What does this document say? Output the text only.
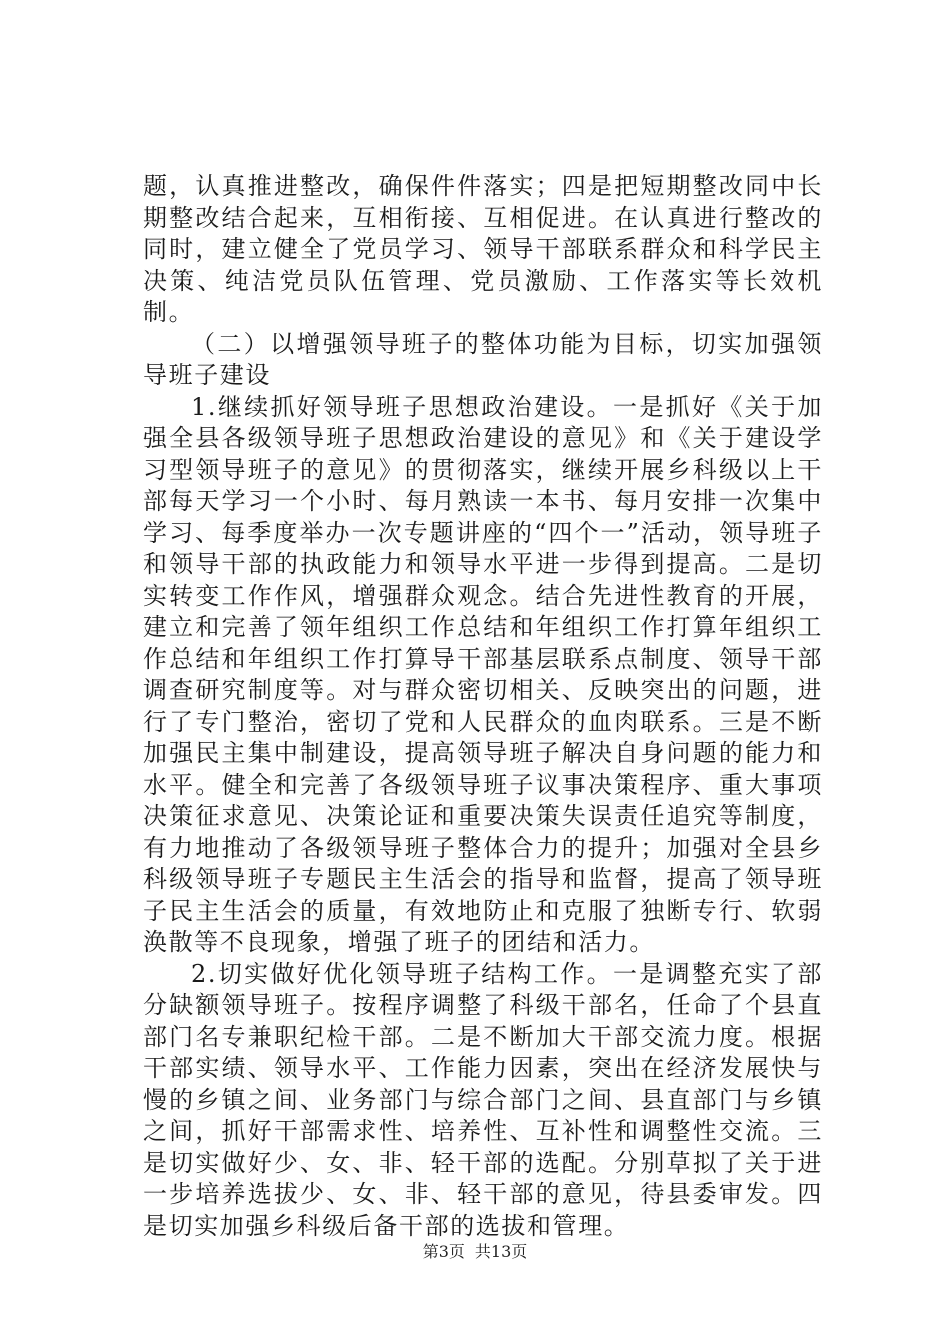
题，认真推进整改，确保件件落实；四是把短期整改同中长期整改结合起来，互相衔接、互相促进。在认真进行整改的同时，建立健全了党员学习、领导干部联系群众和科学民主决策、纯洁党员队伍管理、党员激励、工作落实等长效机制。

（二）以增强领导班子的整体功能为目标，切实加强领导班子建设

1.继续抓好领导班子思想政治建设。一是抓好《关于加强全县各级领导班子思想政治建设的意见》和《关于建设学习型领导班子的意见》的贯彻落实，继续开展乡科级以上干部每天学习一个小时、每月熟读一本书、每月安排一次集中学习、每季度举办一次专题讲座的“四个一”活动，领导班子和领导干部的执政能力和领导水平进一步得到提高。二是切实转变工作作风，增强群众观念。结合先进性教育的开展，建立和完善了领年组织工作总结和年组织工作打算年组织工作总结和年组织工作打算导干部基层联系点制度、领导干部调查研究制度等。对与群众密切相关、反映突出的问题，进行了专门整治，密切了党和人民群众的血肉联系。三是不断加强民主集中制建设，提高领导班子解决自身问题的能力和水平。健全和完善了各级领导班子议事决策程序、重大事项决策征求意见、决策论证和重要决策失误责任追究等制度，有力地推动了各级领导班子整体合力的提升；加强对全县乡科级领导班子专题民主生活会的指导和监督，提高了领导班子民主生活会的质量，有效地防止和克服了独断专行、软弱涣散等不良现象，增强了班子的团结和活力。

2.切实做好优化领导班子结构工作。一是调整充实了部分缺额领导班子。按程序调整了科级干部名，任命了个县直部门名专兼职纪检干部。二是不断加大干部交流力度。根据干部实绩、领导水平、工作能力因素，突出在经济发展快与慢的乡镇之间、业务部门与综合部门之间、县直部门与乡镇之间，抓好干部需求性、培养性、互补性和调整性交流。三是切实做好少、女、非、轻干部的选配。分别草拟了关于进一步培养选拔少、女、非、轻干部的意见，待县委审发。四是切实加强乡科级后备干部的选拔和管理。

第3页 共13页
